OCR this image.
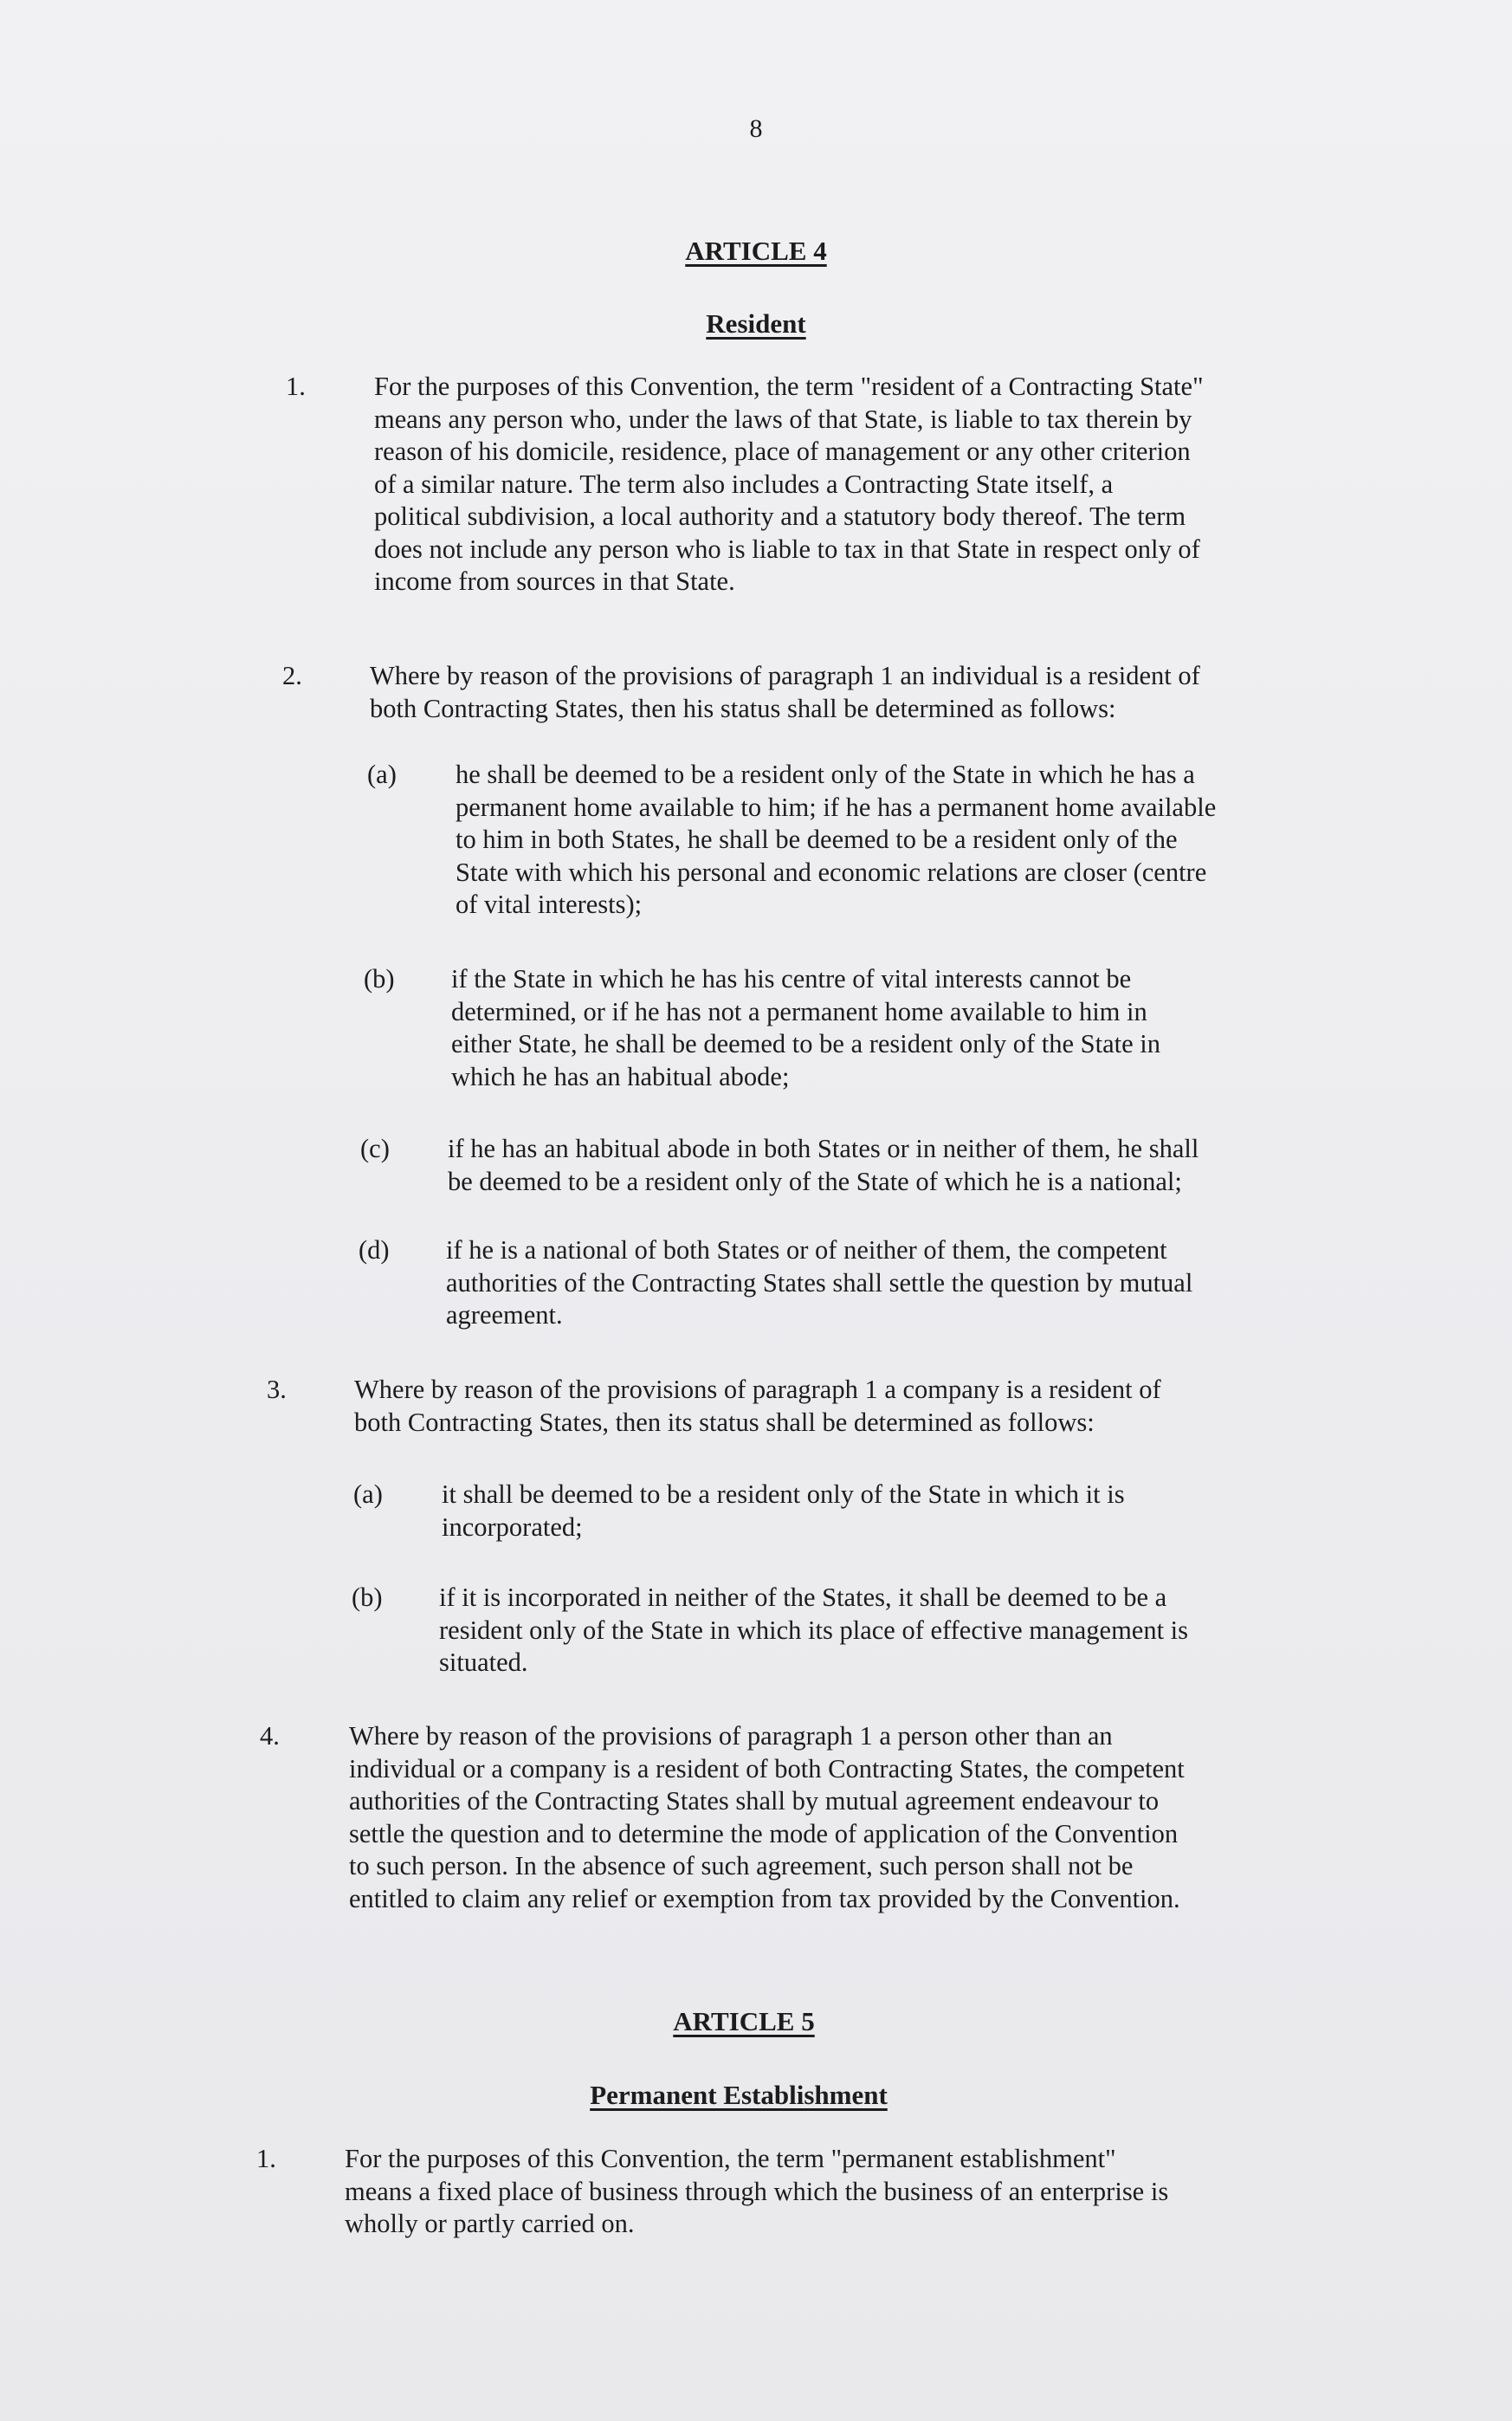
8
ARTICLE 4
Resident
1.	For the purposes of this Convention, the term "resident of a Contracting State"
means any person who, under the laws of that State, is liable to tax therein by
reason of his domicile, residence, place of management or any other criterion
of a similar nature. The term also includes a Contracting State itself, a
political subdivision, a local authority and a statutory body thereof. The term
does not include any person who is liable to tax in that State in respect only of
income from sources in that State.
2.	Where by reason of the provisions of paragraph 1 an individual is a resident of
both Contracting States, then his status shall be determined as follows:
(a) he shall be deemed to be a resident only of the State in which he has a
permanent home available to him; if he has a permanent home available
to him in both States, he shall be deemed to be a resident only of the
State with which his personal and economic relations are closer (centre
of vital interests);
(b) if the State in which he has his centre of vital interests cannot be
determined, or if he has not a permanent home available to him in
either State, he shall be deemed to be a resident only of the State in
which he has an habitual abode;
(c) if he has an habitual abode in both States or in neither of them, he shall
be deemed to be a resident only of the State of which he is a national;
(d) if he is a national of both States or of neither of them, the competent
authorities of the Contracting States shall settle the question by mutual
agreement.
3.	Where by reason of the provisions of paragraph 1 a company is a resident of
both Contracting States, then its status shall be determined as follows:
(a) it shall be deemed to be a resident only of the State in which it is
incorporated;
(b) if it is incorporated in neither of the States, it shall be deemed to be a
resident only of the State in which its place of effective management is
situated.
4.	Where by reason of the provisions of paragraph 1 a person other than an
individual or a company is a resident of both Contracting States, the competent
authorities of the Contracting States shall by mutual agreement endeavour to
settle the question and to determine the mode of application of the Convention
to such person. In the absence of such agreement, such person shall not be
entitled to claim any relief or exemption from tax provided by the Convention.
ARTICLE 5
Permanent Establishment
1.	For the purposes of this Convention, the term "permanent establishment"
means a fixed place of business through which the business of an enterprise is
wholly or partly carried on.
